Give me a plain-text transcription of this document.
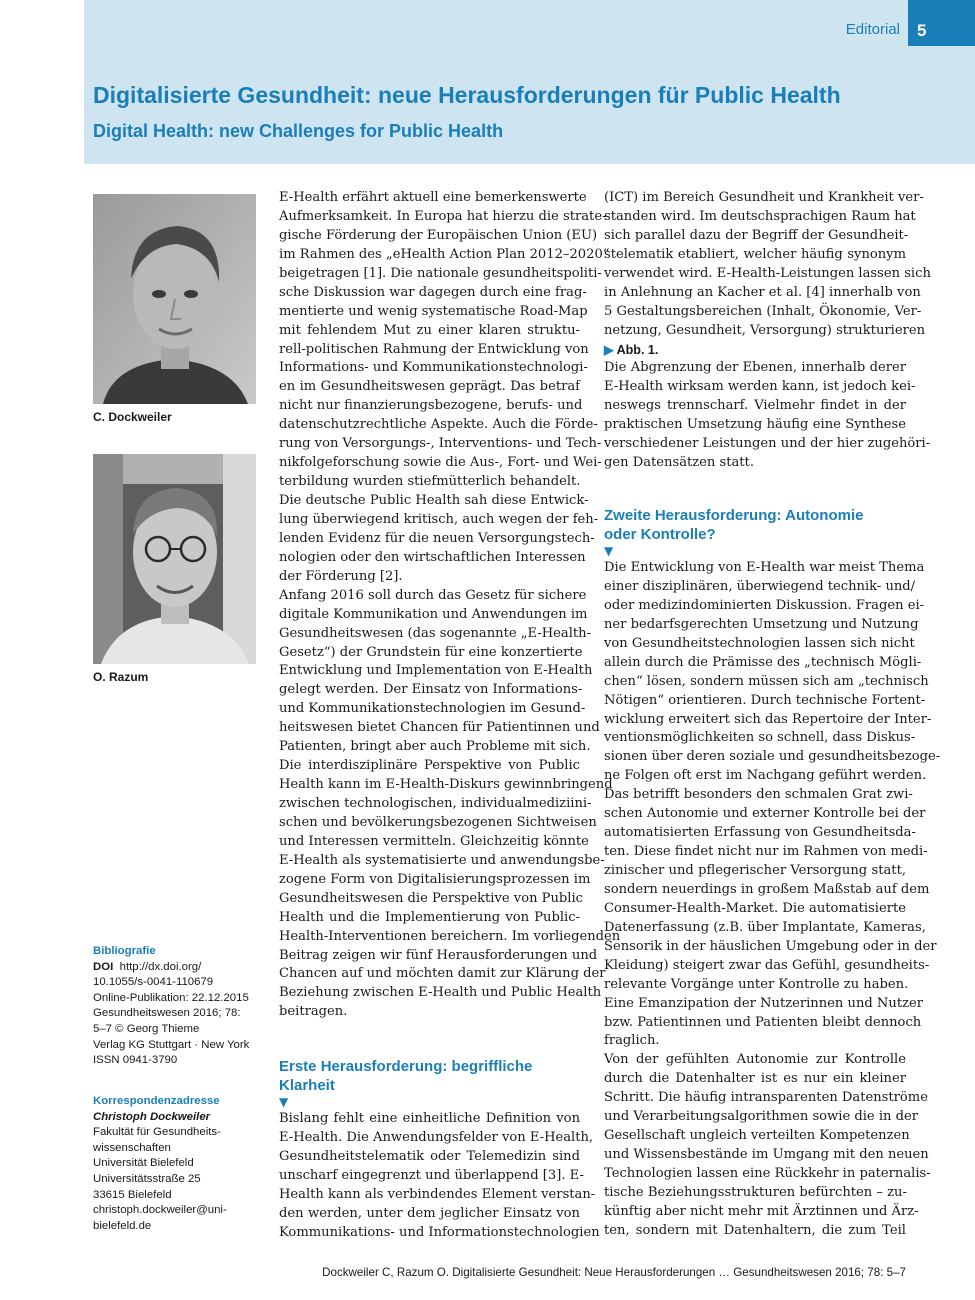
Editorial	5
Digitalisierte Gesundheit: neue Herausforderungen für Public Health
Digital Health: new Challenges for Public Health
C. Dockweiler
O. Razum
Bibliografie
DOI http://dx.doi.org/
10.1055/s-0041-110679
Online-Publikation: 22.12.2015
Gesundheitswesen 2016; 78:
5–7 © Georg Thieme
Verlag KG Stuttgart · New York
ISSN 0941-3790
Korrespondenzadresse
Christoph Dockweiler
Fakultät für Gesundheits-
wissenschaften
Universität Bielefeld
Universitätsstraße 25
33615 Bielefeld
christoph.dockweiler@uni-
bielefeld.de
E-Health erfährt aktuell eine bemerkenswerte
Aufmerksamkeit. In Europa hat hierzu die strate-
gische Förderung der Europäischen Union (EU)
im Rahmen des „eHealth Action Plan 2012–2020“
beigetragen [1]. Die nationale gesundheitspoliti-
sche Diskussion war dagegen durch eine frag-
mentierte und wenig systematische Road-Map
mit fehlendem Mut zu einer klaren struktu-
rell-politischen Rahmung der Entwicklung von
Informations- und Kommunikationstechnologi-
en im Gesundheitswesen geprägt. Das betraf
nicht nur finanzierungsbezogene, berufs- und
datenschutzrechtliche Aspekte. Auch die Förde-
rung von Versorgungs-, Interventions- und Tech-
nikfolgeforschung sowie die Aus-, Fort- und Wei-
terbildung wurden stiefmütterlich behandelt.
Die deutsche Public Health sah diese Entwick-
lung überwiegend kritisch, auch wegen der feh-
lenden Evidenz für die neuen Versorgungstech-
nologien oder den wirtschaftlichen Interessen
der Förderung [2].
Anfang 2016 soll durch das Gesetz für sichere
digitale Kommunikation und Anwendungen im
Gesundheitswesen (das sogenannte „E-Health-
Gesetz“) der Grundstein für eine konzertierte
Entwicklung und Implementation von E-Health
gelegt werden. Der Einsatz von Informations-
und Kommunikationstechnologien im Gesund-
heitswesen bietet Chancen für Patientinnen und
Patienten, bringt aber auch Probleme mit sich.
Die interdisziplinäre Perspektive von Public
Health kann im E-Health-Diskurs gewinnbringend
zwischen technologischen, individualmediziini-
schen und bevölkerungsbezogenen Sichtweisen
und Interessen vermitteln. Gleichzeitig könnte
E-Health als systematisierte und anwendungsbe-
zogene Form von Digitalisierungsprozessen im
Gesundheitswesen die Perspektive von Public
Health und die Implementierung von Public-
Health-Interventionen bereichern. Im vorliegenden
Beitrag zeigen wir fünf Herausforderungen und
Chancen auf und möchten damit zur Klärung der
Beziehung zwischen E-Health und Public Health
beitragen.
Erste Herausforderung: begriffliche
Klarheit
▼
Bislang fehlt eine einheitliche Definition von
E-Health. Die Anwendungsfelder von E-Health,
Gesundheitstelematik oder Telemedizin sind
unscharf eingegrenzt und überlappend [3]. E-
Health kann als verbindendes Element verstan-
den werden, unter dem jeglicher Einsatz von
Kommunikations- und Informationstechnologien
(ICT) im Bereich Gesundheit und Krankheit ver-
standen wird. Im deutschsprachigen Raum hat
sich parallel dazu der Begriff der Gesundheit-
stelematik etabliert, welcher häufig synonym
verwendet wird. E-Health-Leistungen lassen sich
in Anlehnung an Kacher et al. [4] innerhalb von
5 Gestaltungsbereichen (Inhalt, Ökonomie, Ver-
netzung, Gesundheit, Versorgung) strukturieren
▶ Abb. 1.
Die Abgrenzung der Ebenen, innerhalb derer
E-Health wirksam werden kann, ist jedoch kei-
neswegs trennscharf. Vielmehr findet in der
praktischen Umsetzung häufig eine Synthese
verschiedener Leistungen und der hier zugehöri-
gen Datensätzen statt.
Zweite Herausforderung: Autonomie
oder Kontrolle?
▼
Die Entwicklung von E-Health war meist Thema
einer disziplinären, überwiegend technik- und/
oder medizindominierten Diskussion. Fragen ei-
ner bedarfsgerechten Umsetzung und Nutzung
von Gesundheitstechnologien lassen sich nicht
allein durch die Prämisse des „technisch Mögli-
chen“ lösen, sondern müssen sich am „technisch
Nötigen“ orientieren. Durch technische Fortent-
wicklung erweitert sich das Repertoire der Inter-
ventionsmöglichkeiten so schnell, dass Diskus-
sionen über deren soziale und gesundheitsbezoge-
ne Folgen oft erst im Nachgang geführt werden.
Das betrifft besonders den schmalen Grat zwi-
schen Autonomie und externer Kontrolle bei der
automatisierten Erfassung von Gesundheitsda-
ten. Diese findet nicht nur im Rahmen von medi-
zinischer und pflegerischer Versorgung statt,
sondern neuerdings in großem Maßstab auf dem
Consumer-Health-Market. Die automatisierte
Datenerfassung (z.B. über Implantate, Kameras,
Sensorik in der häuslichen Umgebung oder in der
Kleidung) steigert zwar das Gefühl, gesundheits-
relevante Vorgänge unter Kontrolle zu haben.
Eine Emanzipation der Nutzerinnen und Nutzer
bzw. Patientinnen und Patienten bleibt dennoch
fraglich.
Von der gefühlten Autonomie zur Kontrolle
durch die Datenhalter ist es nur ein kleiner
Schritt. Die häufig intransparenten Datenströme
und Verarbeitungsalgorithmen sowie die in der
Gesellschaft ungleich verteilten Kompetenzen
und Wissensbestände im Umgang mit den neuen
Technologien lassen eine Rückkehr in paternalis-
tische Beziehungsstrukturen befürchten – zu-
künftig aber nicht mehr mit Ärztinnen und Ärz-
ten, sondern mit Datenhaltern, die zum Teil
Dockweiler C, Razum O. Digitalisierte Gesundheit: Neue Herausforderungen … Gesundheitswesen 2016; 78: 5–7
